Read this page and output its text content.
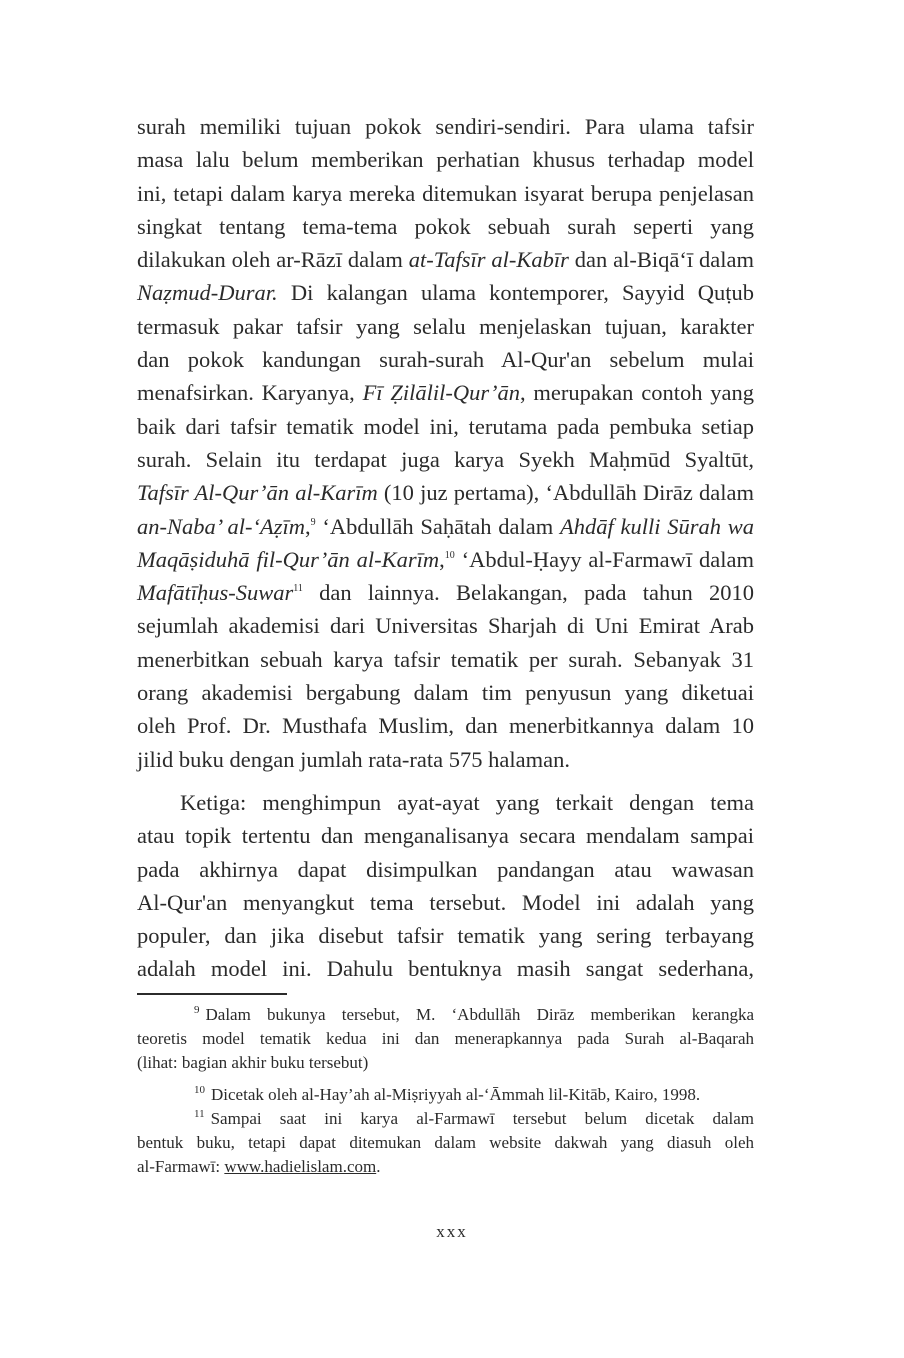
surah memiliki tujuan pokok sendiri-sendiri. Para ulama tafsir
masa lalu belum memberikan perhatian khusus terhadap model
ini, tetapi dalam karya mereka ditemukan isyarat berupa penjelasan
singkat tentang tema-tema pokok sebuah surah seperti yang
dilakukan oleh ar-Rāzī dalam at-Tafsīr al-Kabīr dan al-Biqā‘ī dalam
Naẓmud-Durar. Di kalangan ulama kontemporer, Sayyid Quṭub
termasuk pakar tafsir yang selalu menjelaskan tujuan, karakter
dan pokok kandungan surah-surah Al-Qur'an sebelum mulai
menafsirkan. Karyanya, Fī Ẓilālil-Qur’ān, merupakan contoh yang
baik dari tafsir tematik model ini, terutama pada pembuka setiap
surah. Selain itu terdapat juga karya Syekh Maḥmūd Syaltūt,
Tafsīr Al-Qur’ān al-Karīm (10 juz pertama), ‘Abdullāh Dirāz dalam
an-Naba’ al-‘Aẓīm,$^9$ ‘Abdullāh Saḥātah dalam Ahdāf kulli Sūrah wa
Maqāṣiduhā fil-Qur’ān al-Karīm,$^{10}$ ‘Abdul-Ḥayy al-Farmawī dalam
Mafātīḥus-Suwar$^{11}$ dan lainnya. Belakangan, pada tahun 2010
sejumlah akademisi dari Universitas Sharjah di Uni Emirat Arab
menerbitkan sebuah karya tafsir tematik per surah. Sebanyak 31
orang akademisi bergabung dalam tim penyusun yang diketuai
oleh Prof. Dr. Musthafa Muslim, dan menerbitkannya dalam 10
jilid buku dengan jumlah rata-rata 575 halaman.
Ketiga: menghimpun ayat-ayat yang terkait dengan tema
atau topik tertentu dan menganalisanya secara mendalam sampai
pada akhirnya dapat disimpulkan pandangan atau wawasan
Al-Qur'an menyangkut tema tersebut. Model ini adalah yang
populer, dan jika disebut tafsir tematik yang sering terbayang
adalah model ini. Dahulu bentuknya masih sangat sederhana,
$^9$ Dalam bukunya tersebut, M. ‘Abdullāh Dirāz memberikan kerangka
teoretis model tematik kedua ini dan menerapkannya pada Surah al-Baqarah
(lihat: bagian akhir buku tersebut)
$^{10}$ Dicetak oleh al-Hay’ah al-Miṣriyyah al-‘Āmmah lil-Kitāb, Kairo, 1998.
$^{11}$ Sampai saat ini karya al-Farmawī tersebut belum dicetak dalam
bentuk buku, tetapi dapat ditemukan dalam website dakwah yang diasuh oleh
al-Farmawī: www.hadielislam.com.
xxx
